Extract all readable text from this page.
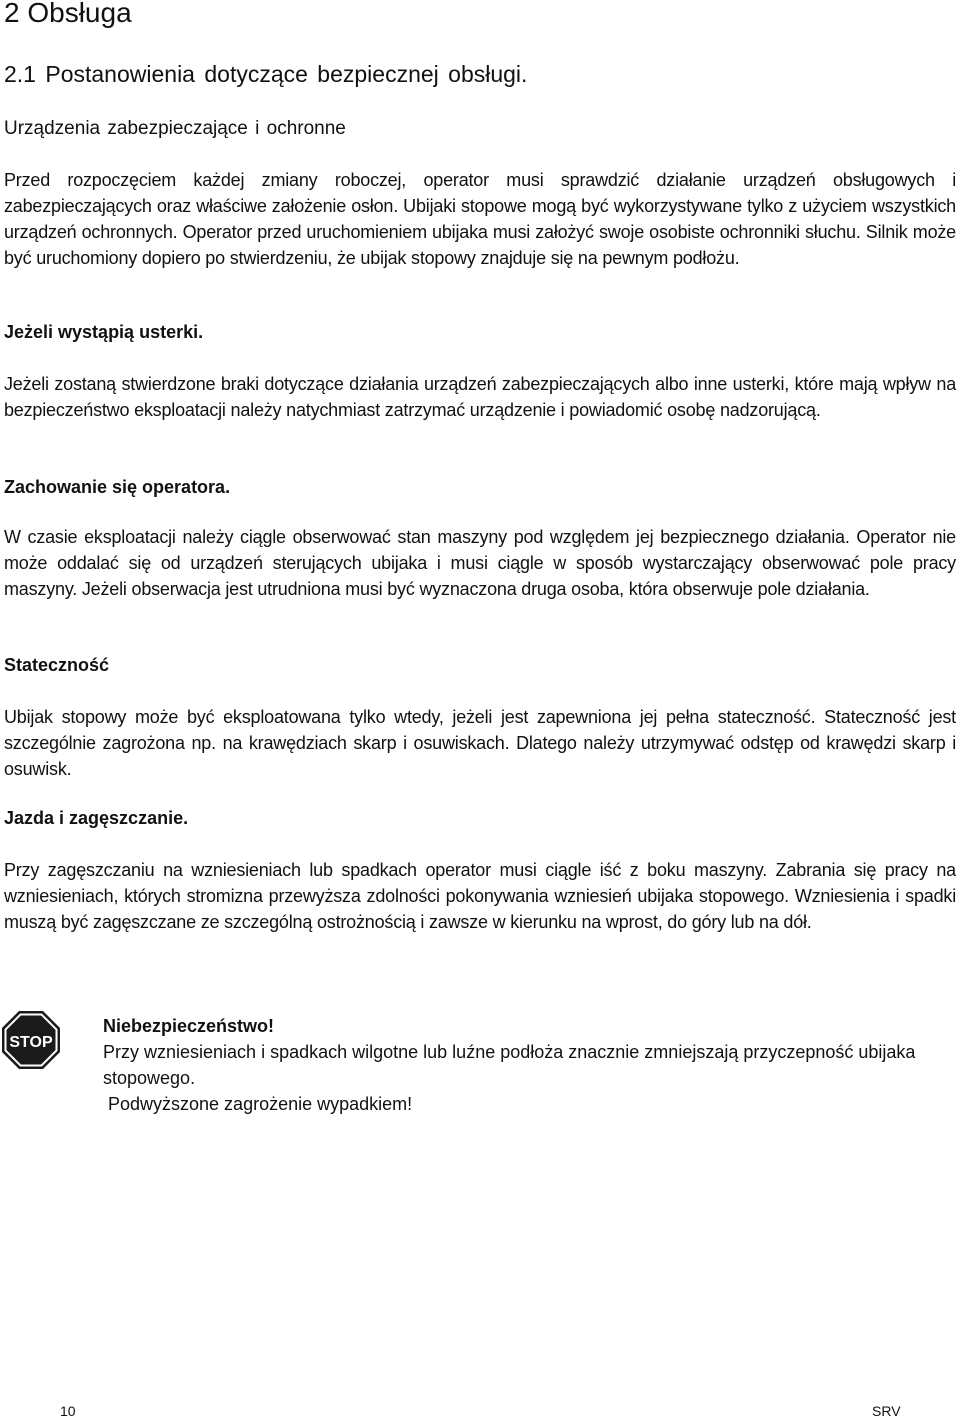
2 Obsługa
2.1 Postanowienia dotyczące bezpiecznej obsługi.
Urządzenia zabezpieczające i ochronne

Przed rozpoczęciem każdej zmiany roboczej, operator musi sprawdzić działanie urządzeń obsługowych i zabezpieczających oraz właściwe założenie osłon. Ubijaki stopowe mogą być wykorzystywane tylko z użyciem wszystkich urządzeń ochronnych. Operator przed uruchomieniem ubijaka musi założyć swoje osobiste ochronniki słuchu. Silnik może być uruchomiony dopiero po stwierdzeniu, że ubijak stopowy znajduje się na pewnym podłożu.

Jeżeli wystąpią usterki.

Jeżeli zostaną stwierdzone braki dotyczące działania urządzeń zabezpieczających albo inne usterki, które mają wpływ na bezpieczeństwo eksploatacji należy natychmiast zatrzymać urządzenie i powiadomić osobę nadzorującą.

Zachowanie się operatora.

W czasie eksploatacji należy ciągle obserwować stan maszyny pod względem jej bezpiecznego działania. Operator nie może oddalać się od urządzeń sterujących ubijaka i musi ciągle w sposób wystarczający obserwować pole pracy maszyny. Jeżeli obserwacja jest utrudniona musi być wyznaczona druga osoba, która obserwuje pole działania.

Stateczność

Ubijak stopowy może być eksploatowana tylko wtedy, jeżeli jest zapewniona jej pełna stateczność. Stateczność jest szczególnie zagrożona np. na krawędziach skarp i osuwiskach. Dlatego należy utrzymywać odstęp od krawędzi skarp i osuwisk.

Jazda i zagęszczanie.

Przy zagęszczaniu na wzniesieniach lub spadkach operator musi ciągle iść z boku maszyny. Zabrania się pracy na wzniesieniach, których stromizna przewyższa zdolności pokonywania wzniesień ubijaka stopowego. Wzniesienia i spadki muszą być zagęszczane ze szczególną ostrożnością i zawsze w kierunku na wprost, do góry lub na dół.

STOP
Niebezpieczeństwo!
Przy wzniesieniach i spadkach wilgotne lub luźne podłoża znacznie zmniejszają przyczepność ubijaka stopowego.
Podwyższone zagrożenie wypadkiem!
10	SRV
